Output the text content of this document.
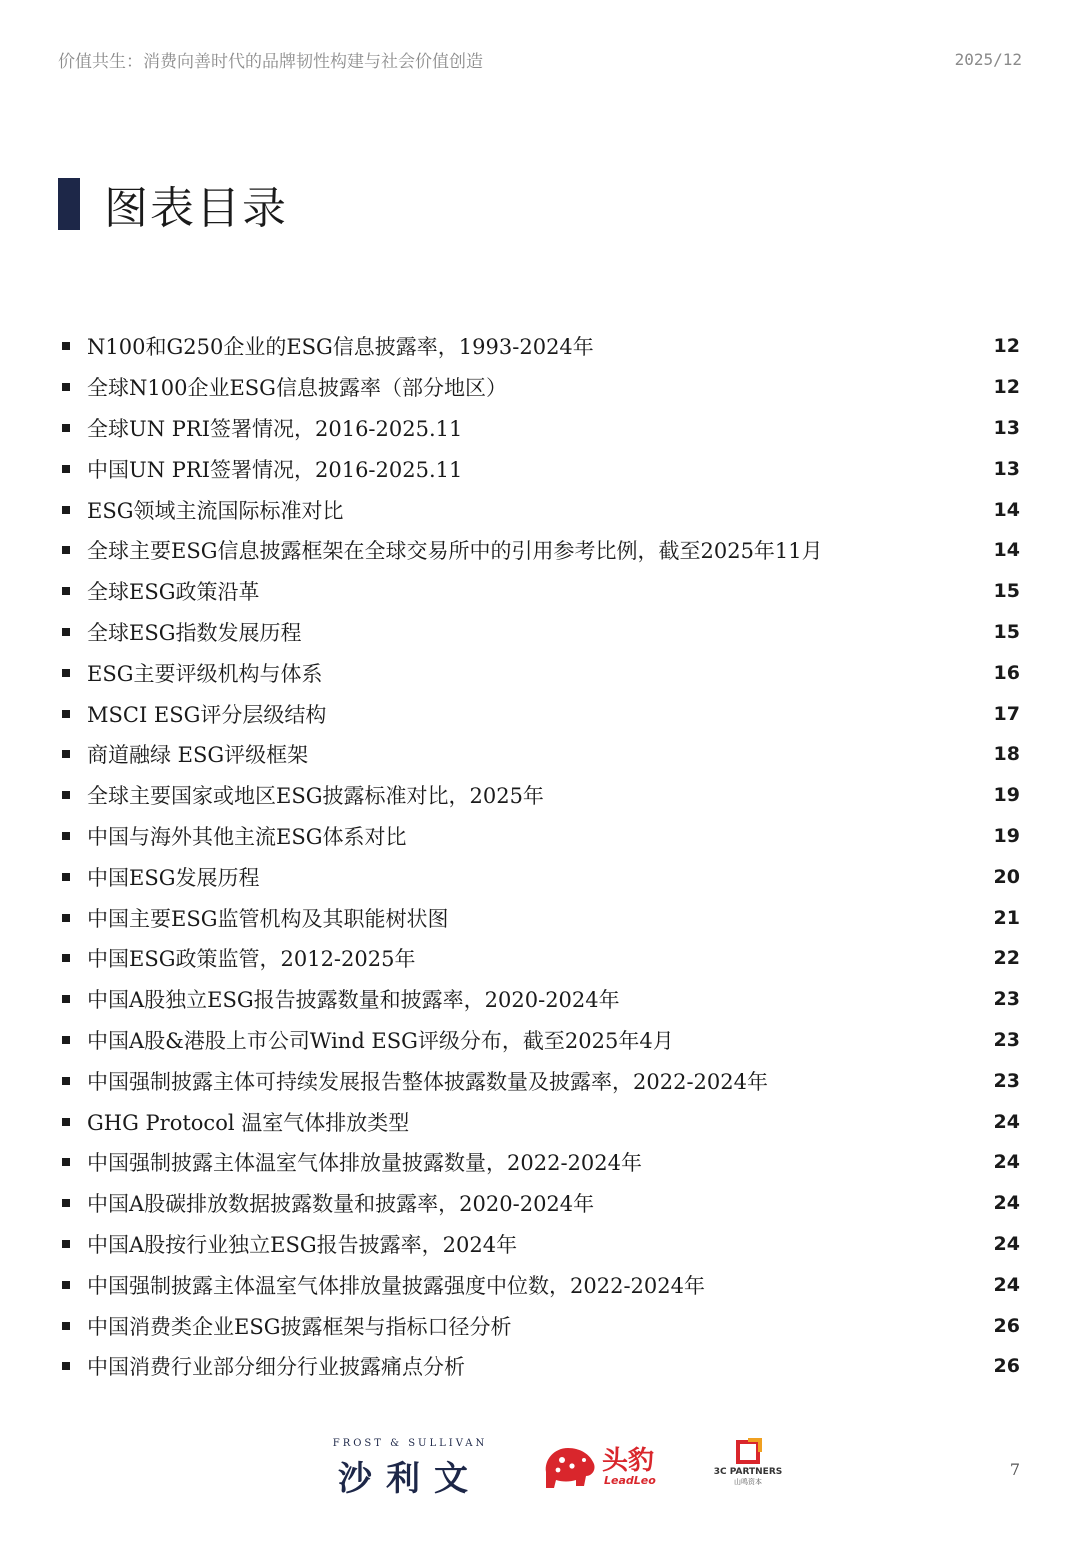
价值共生：消费向善时代的品牌韧性构建与社会价值创造	2025/12
图表目录
N100和G250企业的ESG信息披露率，1993-2024年	12
全球N100企业ESG信息披露率（部分地区）	12
全球UN PRI签署情况，2016-2025.11	13
中国UN PRI签署情况，2016-2025.11	13
ESG领域主流国际标准对比	14
全球主要ESG信息披露框架在全球交易所中的引用参考比例，截至2025年11月	14
全球ESG政策沿革	15
全球ESG指数发展历程	15
ESG主要评级机构与体系	16
MSCI ESG评分层级结构	17
商道融绿 ESG评级框架	18
全球主要国家或地区ESG披露标准对比，2025年	19
中国与海外其他主流ESG体系对比	19
中国ESG发展历程	20
中国主要ESG监管机构及其职能树状图	21
中国ESG政策监管，2012-2025年	22
中国A股独立ESG报告披露数量和披露率，2020-2024年	23
中国A股&港股上市公司Wind ESG评级分布，截至2025年4月	23
中国强制披露主体可持续发展报告整体披露数量及披露率，2022-2024年	23
GHG Protocol 温室气体排放类型	24
中国强制披露主体温室气体排放量披露数量，2022-2024年	24
中国A股碳排放数据披露数量和披露率，2020-2024年	24
中国A股按行业独立ESG报告披露率，2024年	24
中国强制披露主体温室气体排放量披露强度中位数，2022-2024年	24
中国消费类企业ESG披露框架与指标口径分析	26
中国消费行业部分细分行业披露痛点分析	26
FROST & SULLIVAN
沙利文	头豹
LeadLeo
3C PARTNERS
山鸣资本
7
